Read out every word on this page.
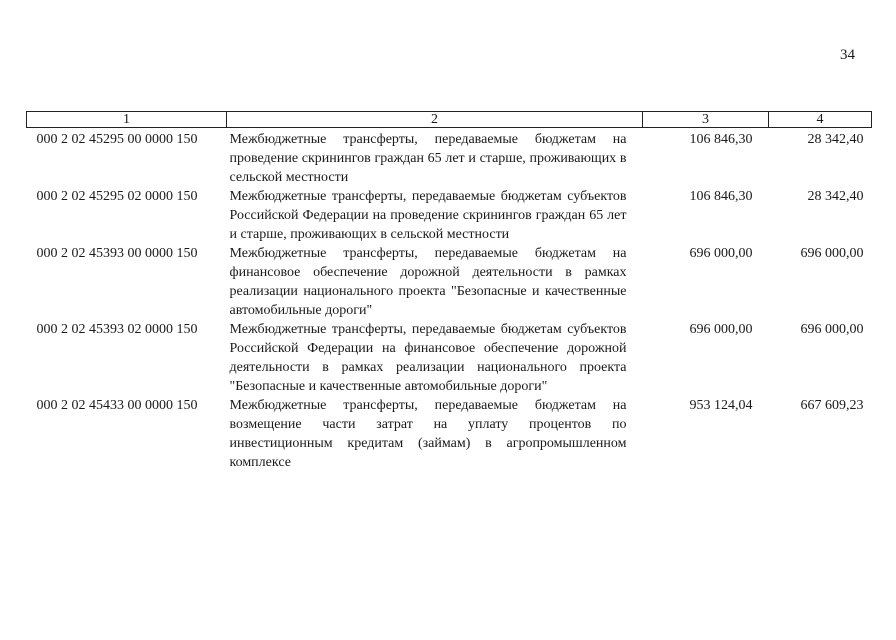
34
1	2	3	4
000 2 02 45295 00 0000 150	Межбюджетные трансферты, передаваемые бюджетам на проведение скринингов граждан 65 лет и старше, проживающих в сельской местности	106 846,30	28 342,40
000 2 02 45295 02 0000 150	Межбюджетные трансферты, передаваемые бюджетам субъектов Российской Федерации на проведение скринингов граждан 65 лет и старше, проживающих в сельской местности	106 846,30	28 342,40
000 2 02 45393 00 0000 150	Межбюджетные трансферты, передаваемые бюджетам на финансовое обеспечение дорожной деятельности в рамках реализации национального проекта "Безопасные и качественные автомобильные дороги"	696 000,00	696 000,00
000 2 02 45393 02 0000 150	Межбюджетные трансферты, передаваемые бюджетам субъектов Российской Федерации на финансовое обеспечение дорожной деятельности в рамках реализации национального проекта "Безопасные и качественные автомобильные дороги"	696 000,00	696 000,00
000 2 02 45433 00 0000 150	Межбюджетные трансферты, передаваемые бюджетам на возмещение части затрат на уплату процентов по инвестиционным кредитам (займам) в агропромышленном комплексе	953 124,04	667 609,23
